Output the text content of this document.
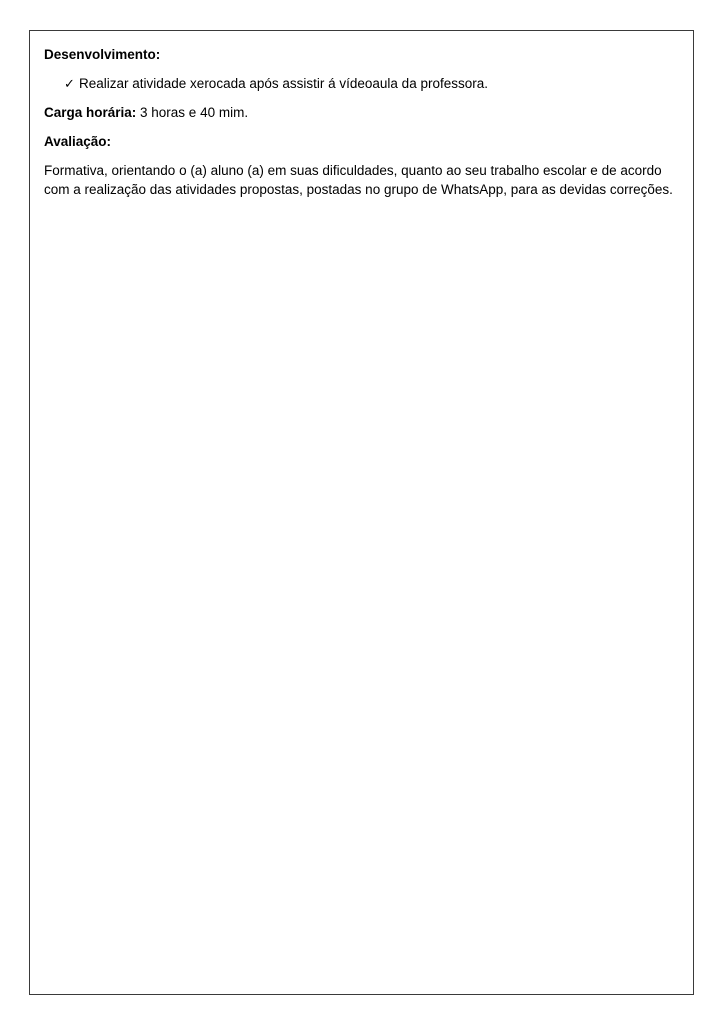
Desenvolvimento:

✓ Realizar atividade xerocada após assistir á vídeoaula da professora.

Carga horária: 3 horas e 40 mim.

Avaliação:

Formativa, orientando o (a) aluno (a) em suas dificuldades, quanto ao seu trabalho escolar e de acordo com a realização das atividades propostas, postadas no grupo de WhatsApp, para as devidas correções.
